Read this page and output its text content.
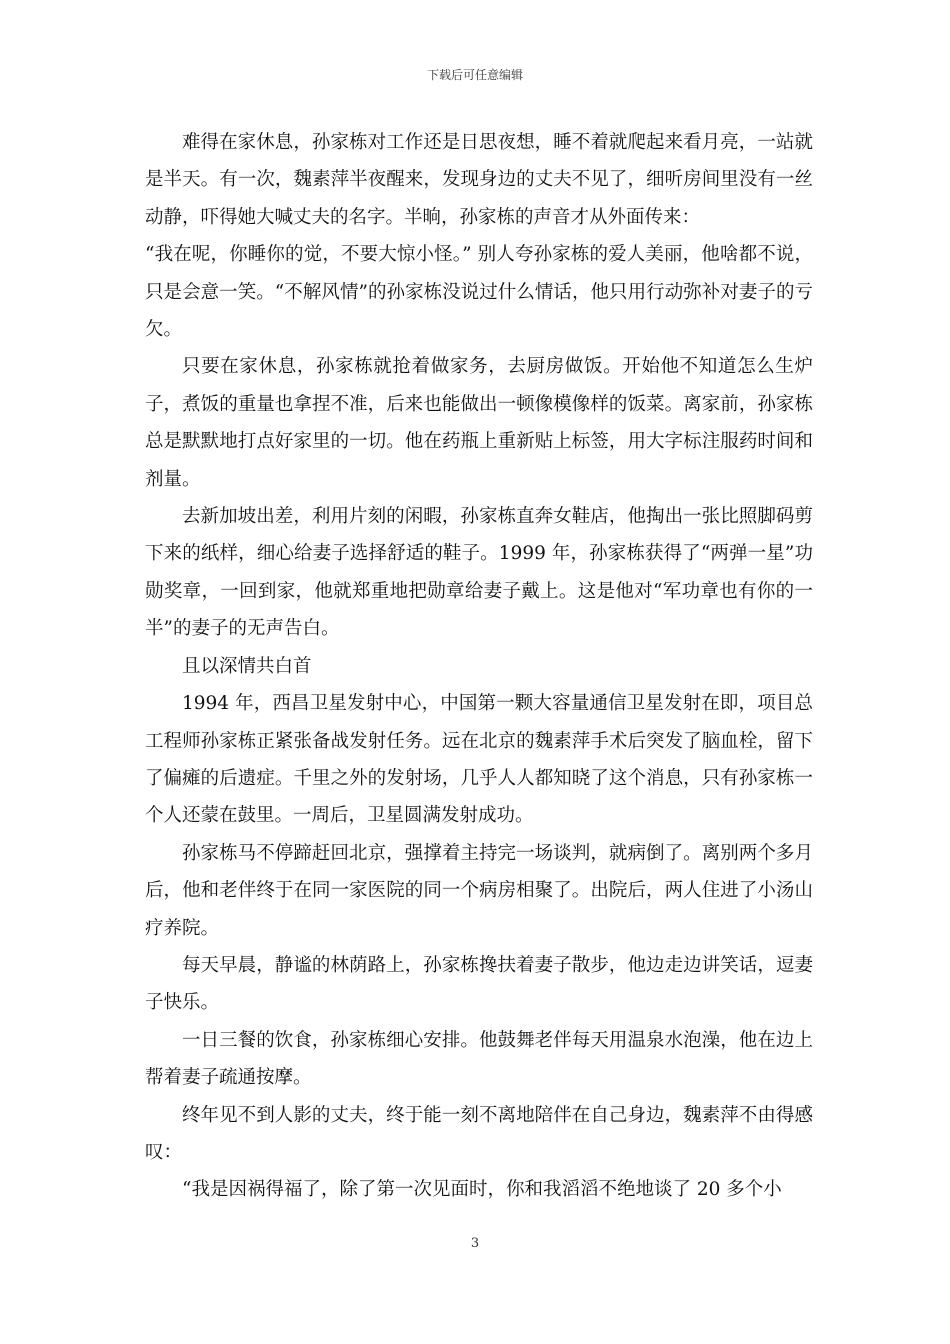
下载后可任意编辑

难得在家休息，孙家栋对工作还是日思夜想，睡不着就爬起来看月亮，一站就是半天。有一次，魏素萍半夜醒来，发现身边的丈夫不见了，细听房间里没有一丝动静，吓得她大喊丈夫的名字。半晌，孙家栋的声音才从外面传来：

“我在呢，你睡你的觉，不要大惊小怪。” 别人夸孙家栋的爱人美丽，他啥都不说，只是会意一笑。“不解风情”的孙家栋没说过什么情话，他只用行动弥补对妻子的亏欠。

只要在家休息，孙家栋就抢着做家务，去厨房做饭。开始他不知道怎么生炉子，煮饭的重量也拿捏不准，后来也能做出一顿像模像样的饭菜。离家前，孙家栋总是默默地打点好家里的一切。他在药瓶上重新贴上标签，用大字标注服药时间和剂量。

去新加坡出差，利用片刻的闲暇，孙家栋直奔女鞋店，他掏出一张比照脚码剪下来的纸样，细心给妻子选择舒适的鞋子。1999 年，孙家栋获得了“两弹一星”功勋奖章，一回到家，他就郑重地把勋章给妻子戴上。这是他对“军功章也有你的一半”的妻子的无声告白。

且以深情共白首

1994 年，西昌卫星发射中心，中国第一颗大容量通信卫星发射在即，项目总工程师孙家栋正紧张备战发射任务。远在北京的魏素萍手术后突发了脑血栓，留下了偏瘫的后遗症。千里之外的发射场，几乎人人都知晓了这个消息，只有孙家栋一个人还蒙在鼓里。一周后，卫星圆满发射成功。

孙家栋马不停蹄赶回北京，强撑着主持完一场谈判，就病倒了。离别两个多月后，他和老伴终于在同一家医院的同一个病房相聚了。出院后，两人住进了小汤山疗养院。

每天早晨，静谧的林荫路上，孙家栋搀扶着妻子散步，他边走边讲笑话，逗妻子快乐。

一日三餐的饮食，孙家栋细心安排。他鼓舞老伴每天用温泉水泡澡，他在边上帮着妻子疏通按摩。

终年见不到人影的丈夫，终于能一刻不离地陪伴在自己身边，魏素萍不由得感叹：

“我是因祸得福了，除了第一次见面时，你和我滔滔不绝地谈了 20 多个小

3
